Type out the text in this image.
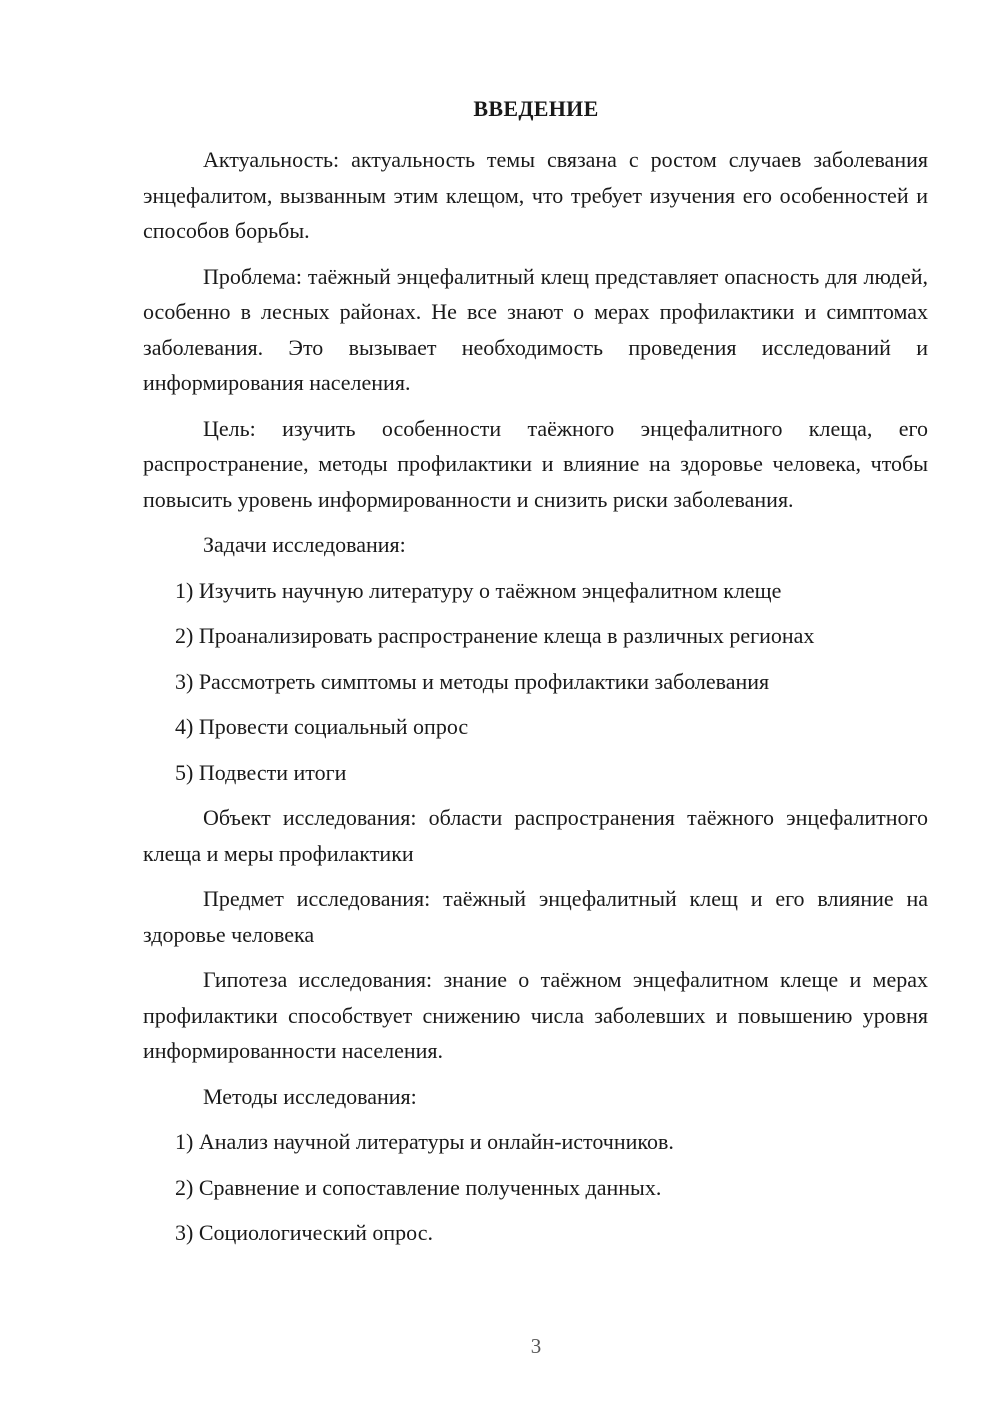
ВВЕДЕНИЕ

Актуальность: актуальность темы связана с ростом случаев заболевания энцефалитом, вызванным этим клещом, что требует изучения его особенностей и способов борьбы.

Проблема: таёжный энцефалитный клещ представляет опасность для людей, особенно в лесных районах. Не все знают о мерах профилактики и симптомах заболевания. Это вызывает необходимость проведения исследований и информирования населения.

Цель: изучить особенности таёжного энцефалитного клеща, его распространение, методы профилактики и влияние на здоровье человека, чтобы повысить уровень информированности и снизить риски заболевания.

Задачи исследования:

1) Изучить научную литературу о таёжном энцефалитном клеще

2) Проанализировать распространение клеща в различных регионах

3) Рассмотреть симптомы и методы профилактики заболевания

4) Провести социальный опрос

5) Подвести итоги

Объект исследования: области распространения таёжного энцефалитного клеща и меры профилактики

Предмет исследования: таёжный энцефалитный клещ и его влияние на здоровье человека

Гипотеза исследования: знание о таёжном энцефалитном клеще и мерах профилактики способствует снижению числа заболевших и повышению уровня информированности населения.

Методы исследования:

1) Анализ научной литературы и онлайн-источников.

2) Сравнение и сопоставление полученных данных.

3) Социологический опрос.

3
